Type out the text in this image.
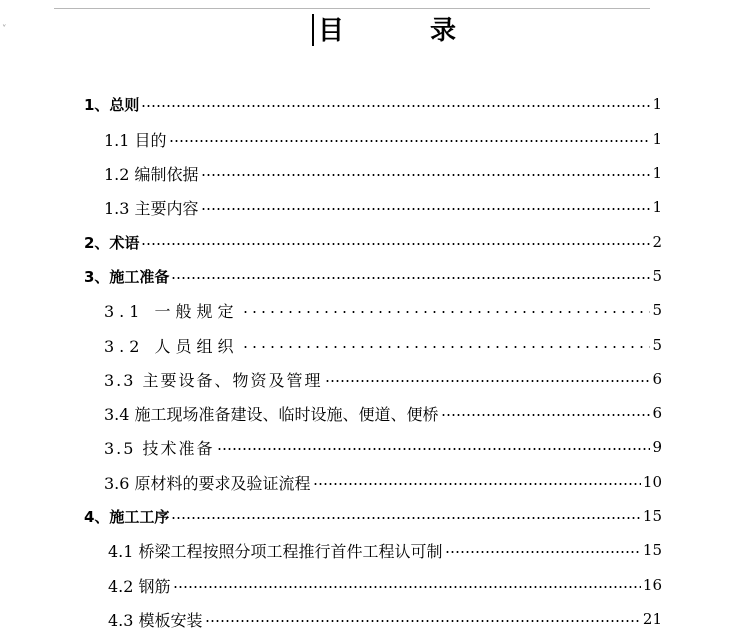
˅	目　录
1、总则	1
1.1 目的	1
1.2 编制依据	1
1.3 主要内容	1
2、术语	2
3、施工准备	5
3.1 一般规定	5
3.2 人员组织	5
3.3 主要设备、物资及管理	6
3.4 施工现场准备建设、临时设施、便道、便桥	6
3.5 技术准备	9
3.6 原材料的要求及验证流程	10
4、施工工序	15
4.1 桥梁工程按照分项工程推行首件工程认可制	15
4.2 钢筋	16
4.3 模板安装	21
